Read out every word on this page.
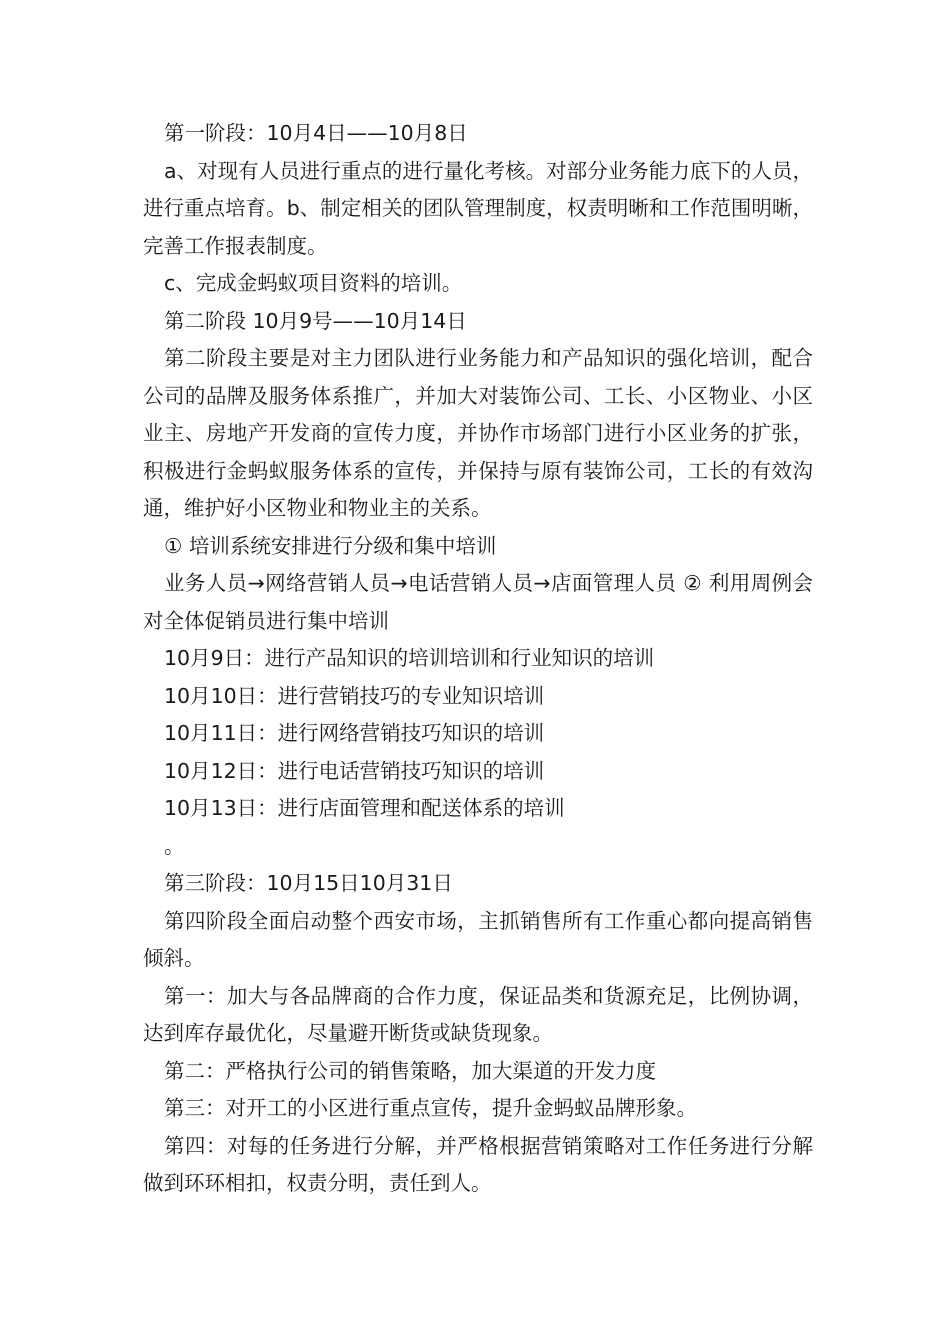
第一阶段：10月4日——10月8日

a、对现有人员进行重点的进行量化考核。对部分业务能力底下的人员，进行重点培育。b、制定相关的团队管理制度，权责明晰和工作范围明晰，完善工作报表制度。

c、完成金蚂蚁项目资料的培训。

第二阶段 10月9号——10月14日

第二阶段主要是对主力团队进行业务能力和产品知识的强化培训，配合公司的品牌及服务体系推广，并加大对装饰公司、工长、小区物业、小区业主、房地产开发商的宣传力度，并协作市场部门进行小区业务的扩张，积极进行金蚂蚁服务体系的宣传，并保持与原有装饰公司，工长的有效沟通，维护好小区物业和物业主的关系。

① 培训系统安排进行分级和集中培训

业务人员→网络营销人员→电话营销人员→店面管理人员 ② 利用周例会对全体促销员进行集中培训

10月9日：进行产品知识的培训培训和行业知识的培训

10月10日：进行营销技巧的专业知识培训

10月11日：进行网络营销技巧知识的培训

10月12日：进行电话营销技巧知识的培训

10月13日：进行店面管理和配送体系的培训

。

第三阶段：10月15日10月31日

第四阶段全面启动整个西安市场，主抓销售所有工作重心都向提高销售倾斜。

第一：加大与各品牌商的合作力度，保证品类和货源充足，比例协调，达到库存最优化，尽量避开断货或缺货现象。

第二：严格执行公司的销售策略，加大渠道的开发力度

第三：对开工的小区进行重点宣传，提升金蚂蚁品牌形象。

第四：对每的任务进行分解，并严格根据营销策略对工作任务进行分解做到环环相扣，权责分明，责任到人。
